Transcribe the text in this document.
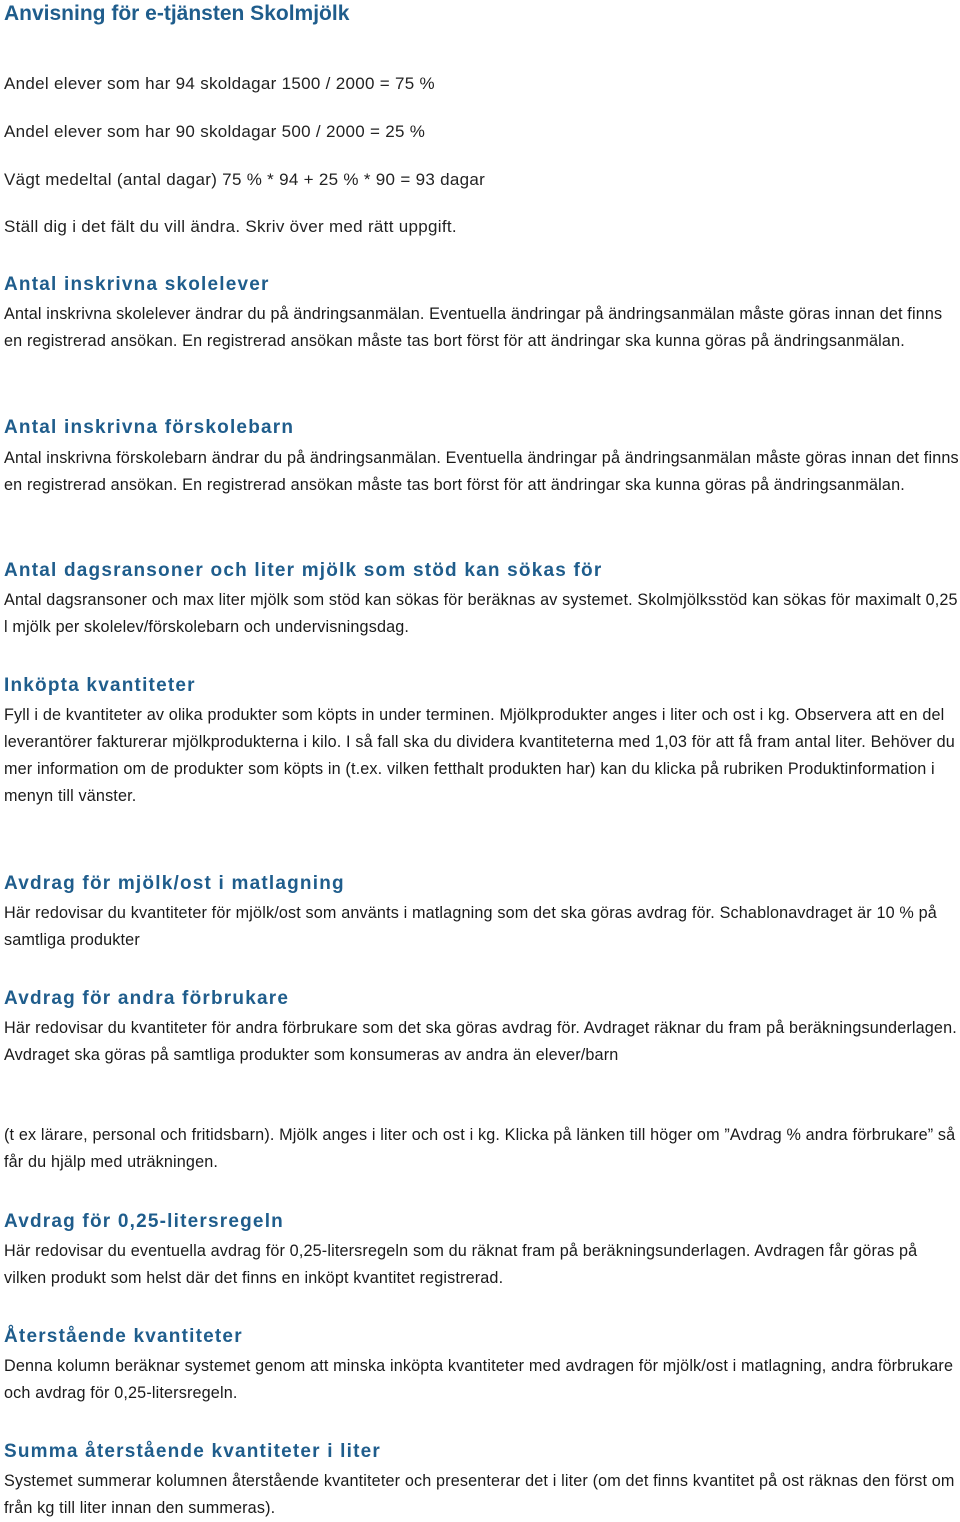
Anvisning för e-tjänsten Skolmjölk
Andel elever som har 94 skoldagar 1500 / 2000 = 75 %
Andel elever som har 90 skoldagar 500 / 2000 = 25 %
Vägt medeltal (antal dagar) 75 % * 94 + 25 % * 90 = 93 dagar
Ställ dig i det fält du vill ändra. Skriv över med rätt uppgift.
Antal inskrivna skolelever

Antal inskrivna skolelever ändrar du på ändringsanmälan. Eventuella ändringar på ändringsanmälan måste göras innan det finns en registrerad ansökan. En registrerad ansökan måste tas bort först för att ändringar ska kunna göras på ändringsanmälan.

Antal inskrivna förskolebarn

Antal inskrivna förskolebarn ändrar du på ändringsanmälan. Eventuella ändringar på ändringsanmälan måste göras innan det finns en registrerad ansökan. En registrerad ansökan måste tas bort först för att ändringar ska kunna göras på ändringsanmälan.

Antal dagsransoner och liter mjölk som stöd kan sökas för

Antal dagsransoner och max liter mjölk som stöd kan sökas för beräknas av systemet. Skolmjölksstöd kan sökas för maximalt 0,25 l mjölk per skolelev/förskolebarn och undervisningsdag.

Inköpta kvantiteter

Fyll i de kvantiteter av olika produkter som köpts in under terminen. Mjölkprodukter anges i liter och ost i kg. Observera att en del leverantörer fakturerar mjölkprodukterna i kilo. I så fall ska du dividera kvantiteterna med 1,03 för att få fram antal liter. Behöver du mer information om de produkter som köpts in (t.ex. vilken fetthalt produkten har) kan du klicka på rubriken Produktinformation i menyn till vänster.

Avdrag för mjölk/ost i matlagning

Här redovisar du kvantiteter för mjölk/ost som använts i matlagning som det ska göras avdrag för. Schablonavdraget är 10 % på samtliga produkter

Avdrag för andra förbrukare

Här redovisar du kvantiteter för andra förbrukare som det ska göras avdrag för. Avdraget räknar du fram på beräkningsunderlagen. Avdraget ska göras på samtliga produkter som konsumeras av andra än elever/barn

(t ex lärare, personal och fritidsbarn). Mjölk anges i liter och ost i kg. Klicka på länken till höger om ”Avdrag % andra förbrukare” så får du hjälp med uträkningen.

Avdrag för 0,25-litersregeln

Här redovisar du eventuella avdrag för 0,25-litersregeln som du räknat fram på beräkningsunderlagen. Avdragen får göras på vilken produkt som helst där det finns en inköpt kvantitet registrerad.

Återstående kvantiteter

Denna kolumn beräknar systemet genom att minska inköpta kvantiteter med avdragen för mjölk/ost i matlagning, andra förbrukare och avdrag för 0,25-litersregeln.

Summa återstående kvantiteter i liter

Systemet summerar kolumnen återstående kvantiteter och presenterar det i liter (om det finns kvantitet på ost räknas den först om från kg till liter innan den summeras).
